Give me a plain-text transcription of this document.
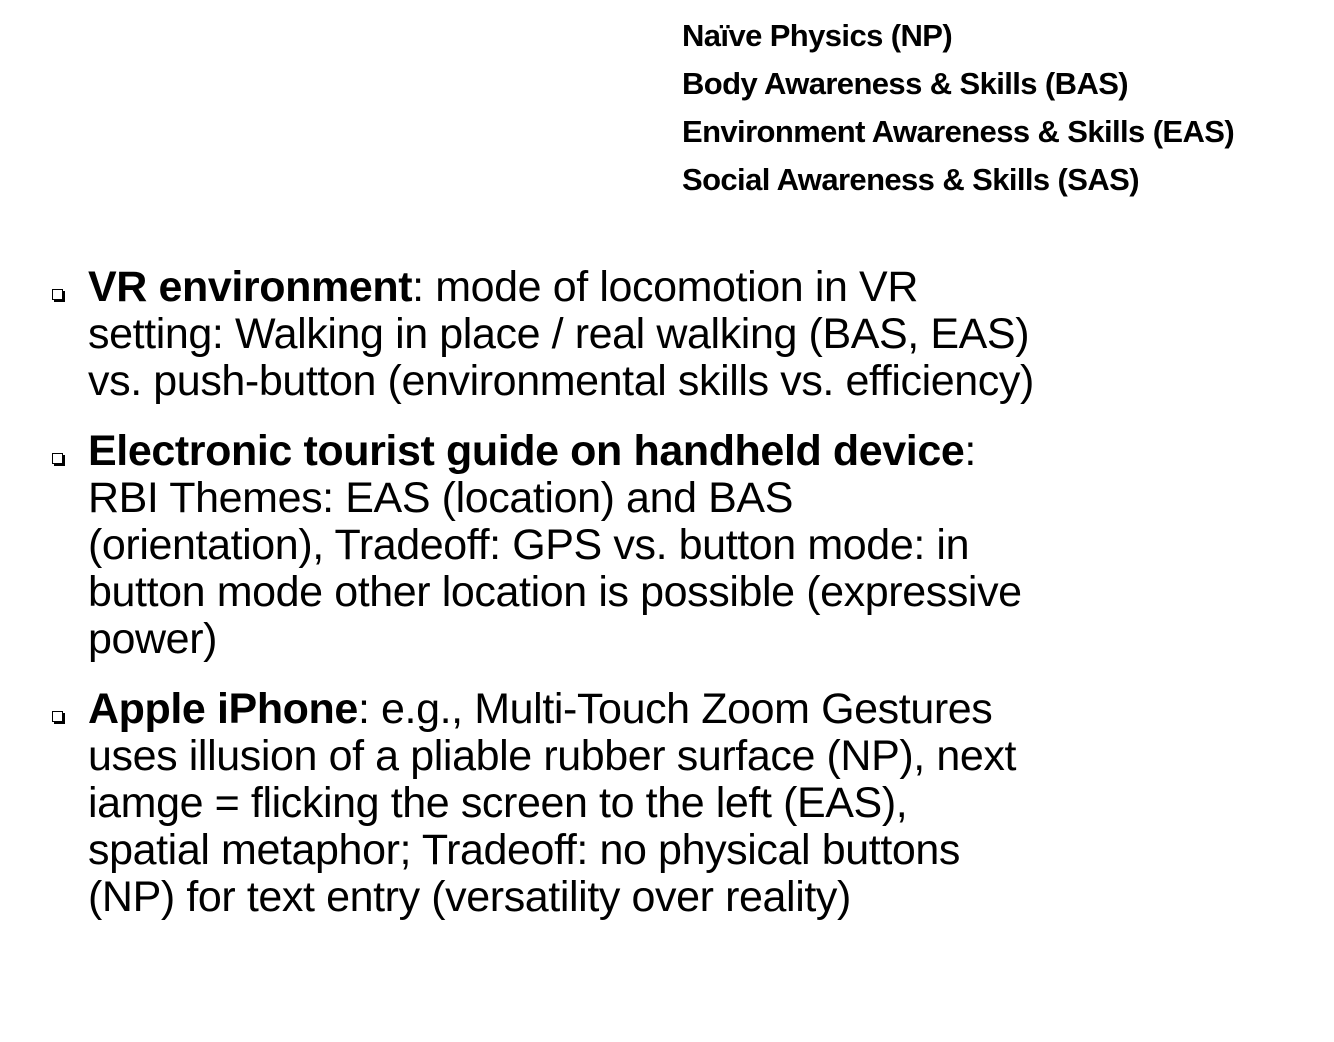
Naïve Physics (NP)
Body Awareness & Skills (BAS)
Environment Awareness & Skills (EAS)
Social Awareness & Skills (SAS)
VR environment: mode of locomotion in VR setting: Walking in place / real walking (BAS, EAS) vs. push-button (environmental skills vs. efficiency)
Electronic tourist guide on handheld device: RBI Themes: EAS (location) and BAS (orientation), Tradeoff: GPS vs. button mode: in button mode other location is possible (expressive power)
Apple iPhone: e.g., Multi-Touch Zoom Gestures uses illusion of a pliable rubber surface (NP), next iamge = flicking the screen to the left (EAS), spatial metaphor; Tradeoff: no physical buttons (NP) for text entry (versatility over reality)
